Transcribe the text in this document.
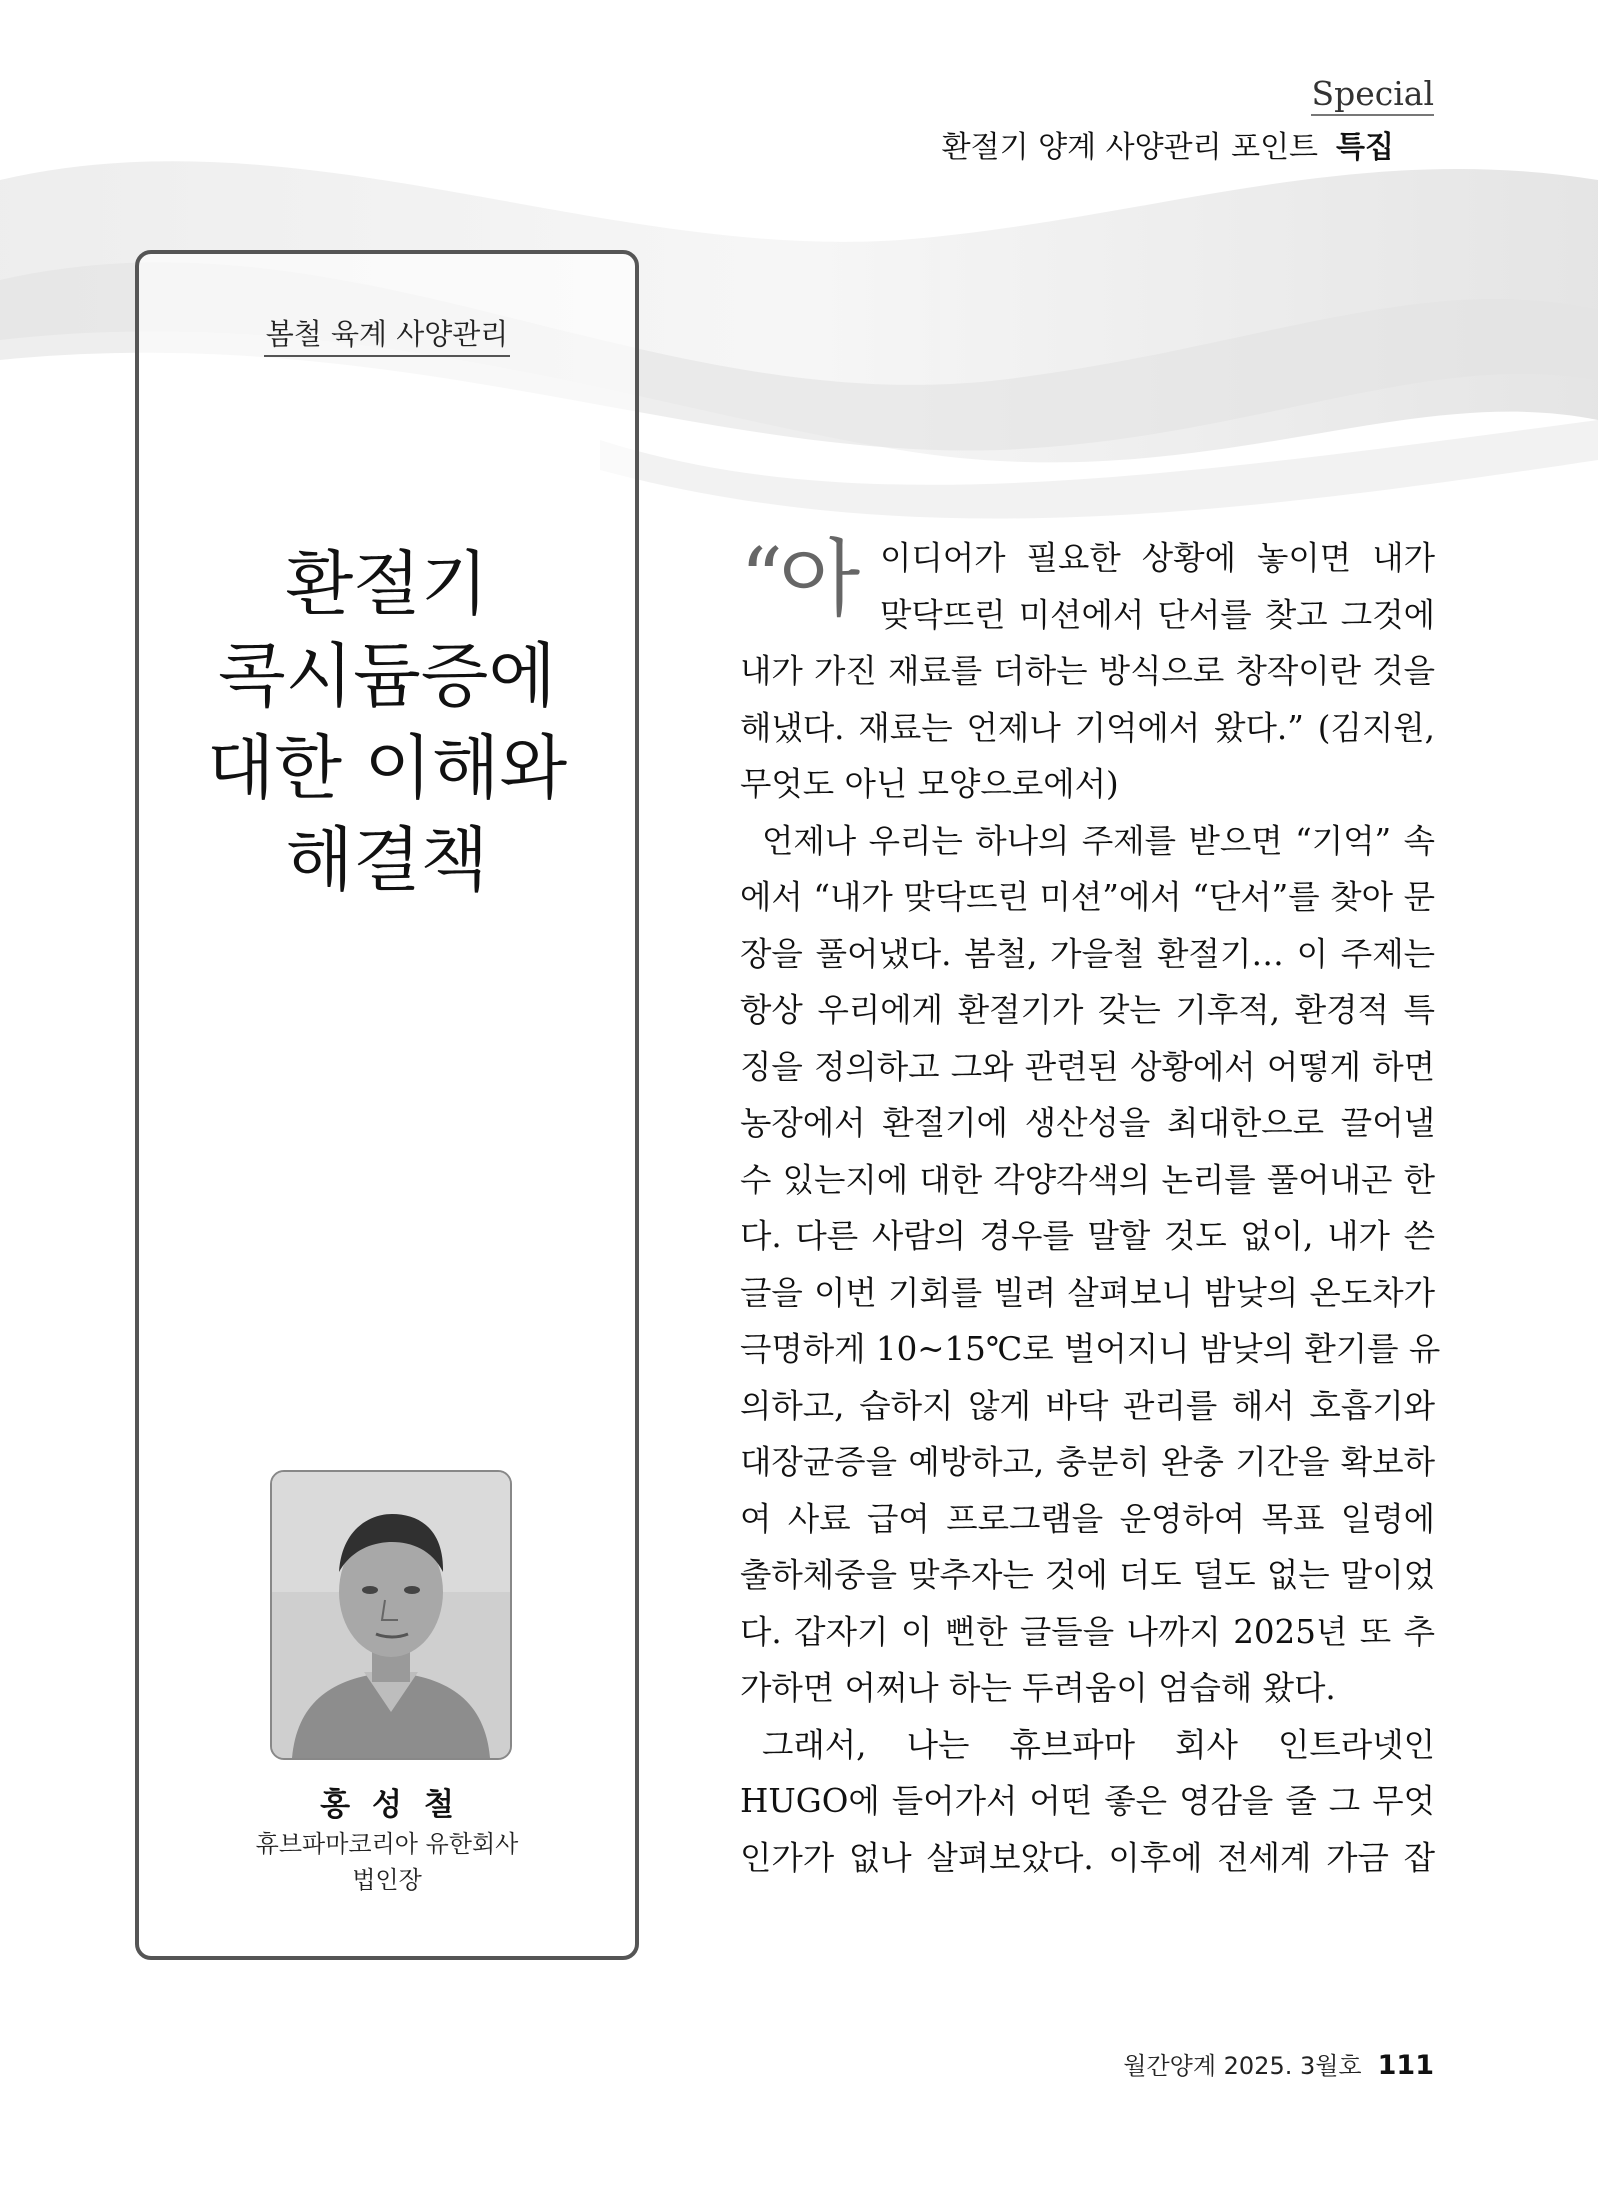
Special
환절기 양계 사양관리 포인트 특집
봄철 육계 사양관리
환절기
콕시듐증에
대한 이해와
해결책
홍성철
휴브파마코리아 유한회사
법인장
“아 이디어가 필요한 상황에 놓이면 내가
맞닥뜨린 미션에서 단서를 찾고 그것에
내가 가진 재료를 더하는 방식으로 창작이란 것을
해냈다. 재료는 언제나 기억에서 왔다.” (김지원,
무엇도 아닌 모양으로에서)
언제나 우리는 하나의 주제를 받으면 “기억” 속
에서 “내가 맞닥뜨린 미션”에서 “단서”를 찾아 문
장을 풀어냈다. 봄철, 가을철 환절기… 이 주제는
항상 우리에게 환절기가 갖는 기후적, 환경적 특
징을 정의하고 그와 관련된 상황에서 어떻게 하면
농장에서 환절기에 생산성을 최대한으로 끌어낼
수 있는지에 대한 각양각색의 논리를 풀어내곤 한
다. 다른 사람의 경우를 말할 것도 없이, 내가 쓴
글을 이번 기회를 빌려 살펴보니 밤낮의 온도차가
극명하게 10~15℃로 벌어지니 밤낮의 환기를 유
의하고, 습하지 않게 바닥 관리를 해서 호흡기와
대장균증을 예방하고, 충분히 완충 기간을 확보하
여 사료 급여 프로그램을 운영하여 목표 일령에
출하체중을 맞추자는 것에 더도 덜도 없는 말이었
다. 갑자기 이 뻔한 글들을 나까지 2025년 또 추
가하면 어쩌나 하는 두려움이 엄습해 왔다.
그래서, 나는 휴브파마 회사 인트라넷인
HUGO에 들어가서 어떤 좋은 영감을 줄 그 무엇
인가가 없나 살펴보았다. 이후에 전세계 가금 잡
월간양계 2025. 3월호 111
